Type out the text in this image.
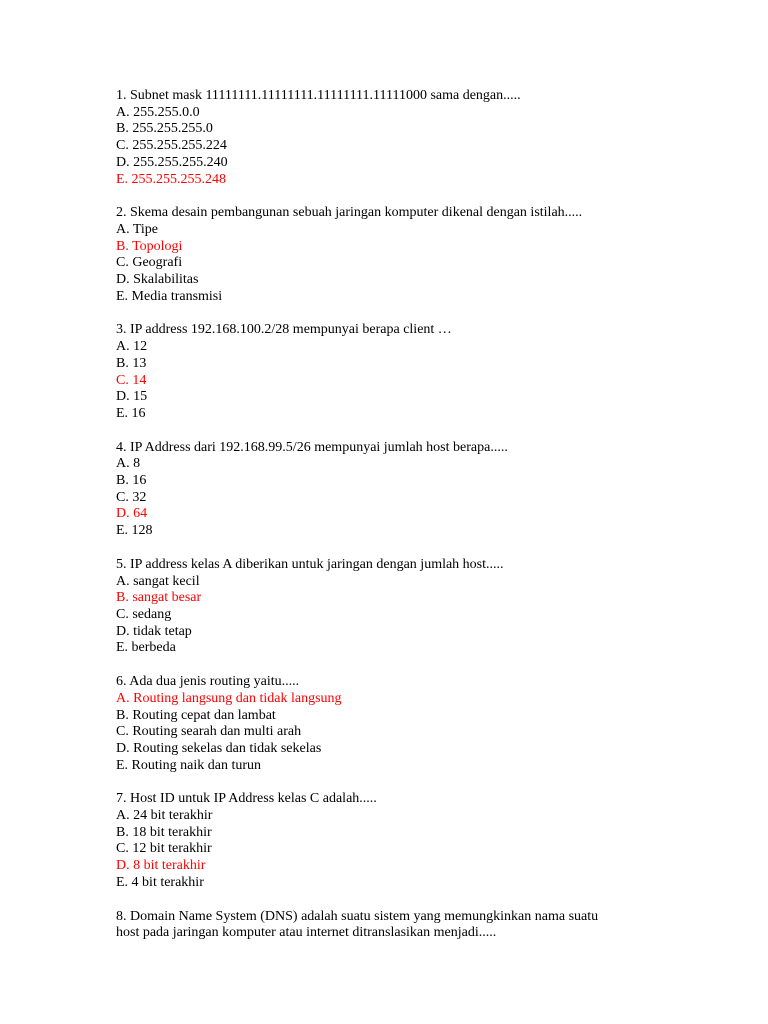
1. Subnet mask 11111111.11111111.11111111.11111000 sama dengan.....
A. 255.255.0.0
B. 255.255.255.0
C. 255.255.255.224
D. 255.255.255.240
E. 255.255.255.248
2. Skema desain pembangunan sebuah jaringan komputer dikenal dengan istilah.....
A. Tipe
B. Topologi
C. Geografi
D. Skalabilitas
E. Media transmisi
3. IP address 192.168.100.2/28 mempunyai berapa client …
A. 12
B. 13
C. 14
D. 15
E. 16
4. IP Address dari 192.168.99.5/26 mempunyai jumlah host berapa.....
A. 8
B. 16
C. 32
D. 64
E. 128
5. IP address kelas A diberikan untuk jaringan dengan jumlah host.....
A. sangat kecil
B. sangat besar
C. sedang
D. tidak tetap
E. berbeda
6. Ada dua jenis routing yaitu.....
A. Routing langsung dan tidak langsung
B. Routing cepat dan lambat
C. Routing searah dan multi arah
D. Routing sekelas dan tidak sekelas
E. Routing naik dan turun
7. Host ID untuk IP Address kelas C adalah.....
A. 24 bit terakhir
B. 18 bit terakhir
C. 12 bit terakhir
D. 8 bit terakhir
E. 4 bit terakhir
8. Domain Name System (DNS) adalah suatu sistem yang memungkinkan nama suatu
host pada jaringan komputer atau internet ditranslasikan menjadi.....
